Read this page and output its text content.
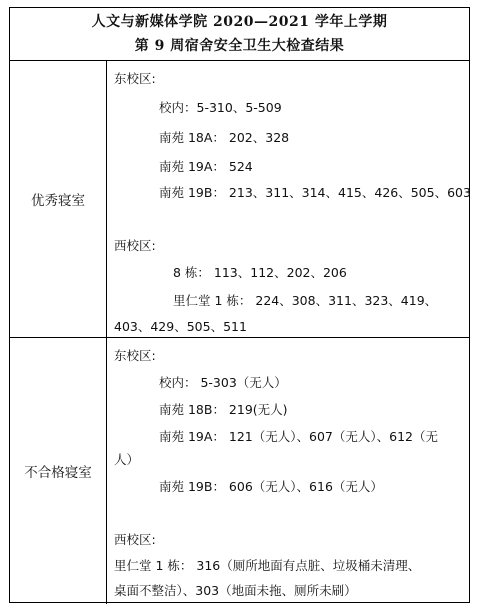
人文与新媒体学院 2020—2021 学年上学期
第 9 周宿舍安全卫生大检查结果
优秀寝室
东校区:
校内：5-310、5-509
南苑 18A： 202、328
南苑 19A： 524
南苑 19B： 213、311、314、415、426、505、603
西校区:
8 栋： 113、112、202、206
里仁堂 1 栋： 224、308、311、323、419、
403、429、505、511
不合格寝室
东校区:
校内： 5-303（无人）
南苑 18B： 219(无人)
南苑 19A： 121（无人）、607（无人）、612（无
人）
南苑 19B： 606（无人）、616（无人）
西校区:
里仁堂 1 栋： 316（厕所地面有点脏、垃圾桶未清理、
桌面不整洁）、303（地面未拖、厕所未刷）
